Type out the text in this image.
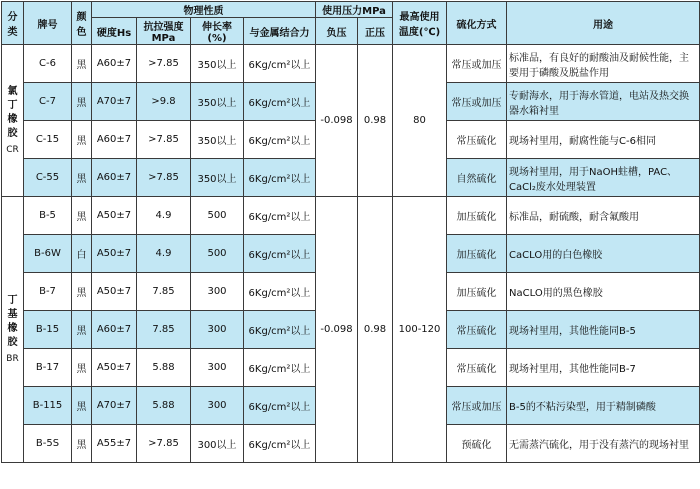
分类	牌号	颜色	物理性质				使用压力MPa		最高使用温度(℃)	硫化方式	用途
			硬度Hs	抗拉强度MPa	伸长率(%)	与金属结合力	负压	正压			
氯丁橡胶
CR	C-6	黑	A60±7	>7.85	350以上	6Kg/cm²以上	-0.098	0.98	80	常压或加压	标准品，有良好的耐酸油及耐候性能，主要用于磷酸及脱盐作用
	C-7	黑	A70±7	>9.8	350以上	6Kg/cm²以上				常压或加压	专耐海水，用于海水管道，电站及热交换器水箱衬里
	C-15	黑	A60±7	>7.85	350以上	6Kg/cm²以上				常压硫化	现场衬里用，耐腐性能与C-6相同
	C-55	黑	A60±7	>7.85	350以上	6Kg/cm²以上				自然硫化	现场衬里用，用于NaOH蛀槽，PAC、CaCl₂废水处理装置
丁基橡胶
BR	B-5	黑	A50±7	4.9	500	6Kg/cm²以上	-0.098	0.98	100-120	加压硫化	标准品，耐硫酸，耐含氟酸用
	B-6W	白	A50±7	4.9	500	6Kg/cm²以上				加压硫化	CaCLO用的白色橡胶
	B-7	黑	A50±7	7.85	300	6Kg/cm²以上				加压硫化	NaCLO用的黑色橡胶
	B-15	黑	A60±7	7.85	300	6Kg/cm²以上				常压硫化	现场衬里用，其他性能同B-5
	B-17	黑	A50±7	5.88	300	6Kg/cm²以上				常压硫化	现场衬里用，其他性能同B-7
	B-115	黑	A70±7	5.88	300	6Kg/cm²以上				常压或加压	B-5的不粘污染型，用于精制磷酸
	B-5S	黑	A55±7	>7.85	300以上	6Kg/cm²以上				预硫化	无需蒸汽硫化，用于没有蒸汽的现场衬里
